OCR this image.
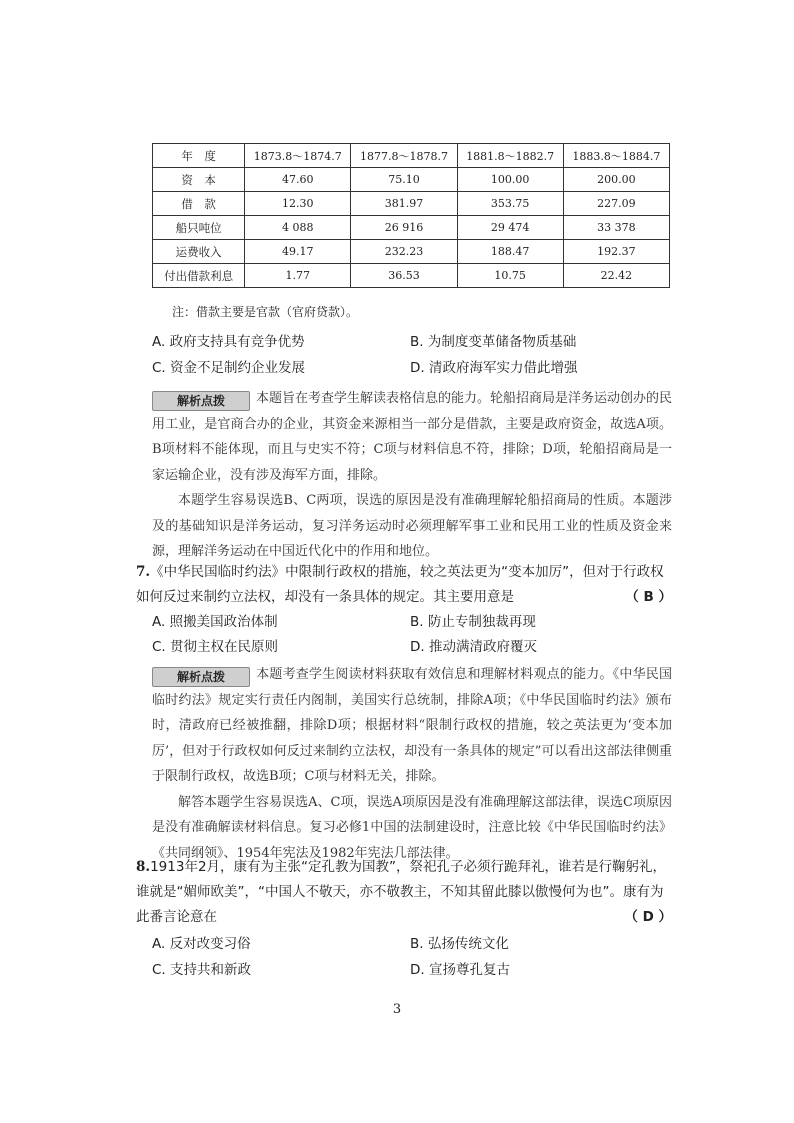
年　度	1873.8～1874.7	1877.8～1878.7	1881.8～1882.7	1883.8～1884.7
资　本	47.60	75.10	100.00	200.00
借　款	12.30	381.97	353.75	227.09
船只吨位	4 088	26 916	29 474	33 378
运费收入	49.17	232.23	188.47	192.37
付出借款利息	1.77	36.53	10.75	22.42
注：借款主要是官款（官府贷款）。
A. 政府支持具有竞争优势	B. 为制度变革储备物质基础
C. 资金不足制约企业发展	D. 清政府海军实力借此增强

解析点拨 本题旨在考查学生解读表格信息的能力。轮船招商局是洋务运动创办的民用工业，是官商合办的企业，其资金来源相当一部分是借款，主要是政府资金，故选A项。B项材料不能体现，而且与史实不符；C项与材料信息不符，排除；D项，轮船招商局是一家运输企业，没有涉及海军方面，排除。

本题学生容易误选B、C两项，误选的原因是没有准确理解轮船招商局的性质。本题涉及的基础知识是洋务运动，复习洋务运动时必须理解军事工业和民用工业的性质及资金来源，理解洋务运动在中国近代化中的作用和地位。

7.《中华民国临时约法》中限制行政权的措施，较之英法更为“变本加厉”，但对于行政权如何反过来制约立法权，却没有一条具体的规定。其主要用意是	（ B ）
A. 照搬美国政治体制	B. 防止专制独裁再现
C. 贯彻主权在民原则	D. 推动满清政府覆灭

解析点拨 本题考查学生阅读材料获取有效信息和理解材料观点的能力。《中华民国临时约法》规定实行责任内阁制，美国实行总统制，排除A项；《中华民国临时约法》颁布时，清政府已经被推翻，排除D项；根据材料“限制行政权的措施，较之英法更为‘变本加厉’，但对于行政权如何反过来制约立法权，却没有一条具体的规定”可以看出这部法律侧重于限制行政权，故选B项；C项与材料无关，排除。

解答本题学生容易误选A、C项，误选A项原因是没有准确理解这部法律，误选C项原因是没有准确解读材料信息。复习必修1中国的法制建设时，注意比较《中华民国临时约法》《共同纲领》、1954年宪法及1982年宪法几部法律。

8.1913年2月，康有为主张“定孔教为国教”，祭祀孔子必须行跪拜礼，谁若是行鞠躬礼，谁就是“媚师欧美”，“中国人不敬天，亦不敬教主，不知其留此膝以傲慢何为也”。康有为此番言论意在	（ D ）
A. 反对改变习俗	B. 弘扬传统文化
C. 支持共和新政	D. 宣扬尊孔复古
3
